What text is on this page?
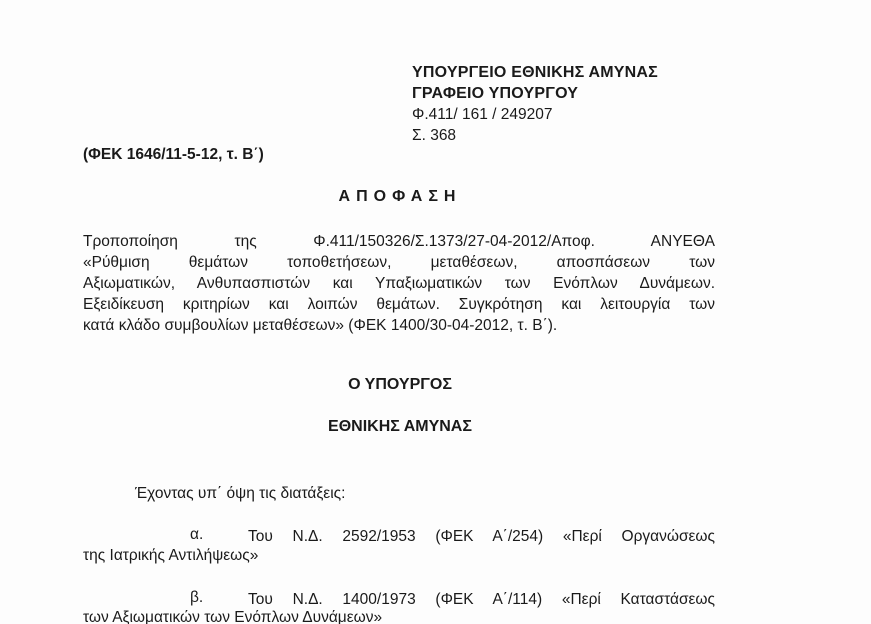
ΥΠΟΥΡΓΕΙΟ ΕΘΝΙΚΗΣ ΑΜΥΝΑΣ
ΓΡΑΦΕΙΟ ΥΠΟΥΡΓΟΥ
Φ.411/ 161 / 249207
Σ. 368
(ΦΕΚ 1646/11-5-12, τ. Β΄)
ΑΠΟΦΑΣΗ
Τροποποίηση της Φ.411/150326/Σ.1373/27-04-2012/Αποφ. ΑΝΥΕΘΑ
«Ρύθμιση θεμάτων τοποθετήσεων, μεταθέσεων, αποσπάσεων των
Αξιωματικών, Ανθυπασπιστών και Υπαξιωματικών των Ενόπλων Δυνάμεων.
Εξειδίκευση κριτηρίων και λοιπών θεμάτων. Συγκρότηση και λειτουργία των
κατά κλάδο συμβουλίων μεταθέσεων» (ΦΕΚ 1400/30-04-2012, τ. Β΄).
Ο ΥΠΟΥΡΓΟΣ
ΕΘΝΙΚΗΣ ΑΜΥΝΑΣ
Έχοντας υπ΄ όψη τις διατάξεις:
α.	Του Ν.Δ. 2592/1953 (ΦΕΚ Α΄/254) «Περί Οργανώσεως
της Ιατρικής Αντιλήψεως»
β.	Του Ν.Δ. 1400/1973 (ΦΕΚ Α΄/114) «Περί Καταστάσεως
των Αξιωματικών των Ενόπλων Δυνάμεων»
